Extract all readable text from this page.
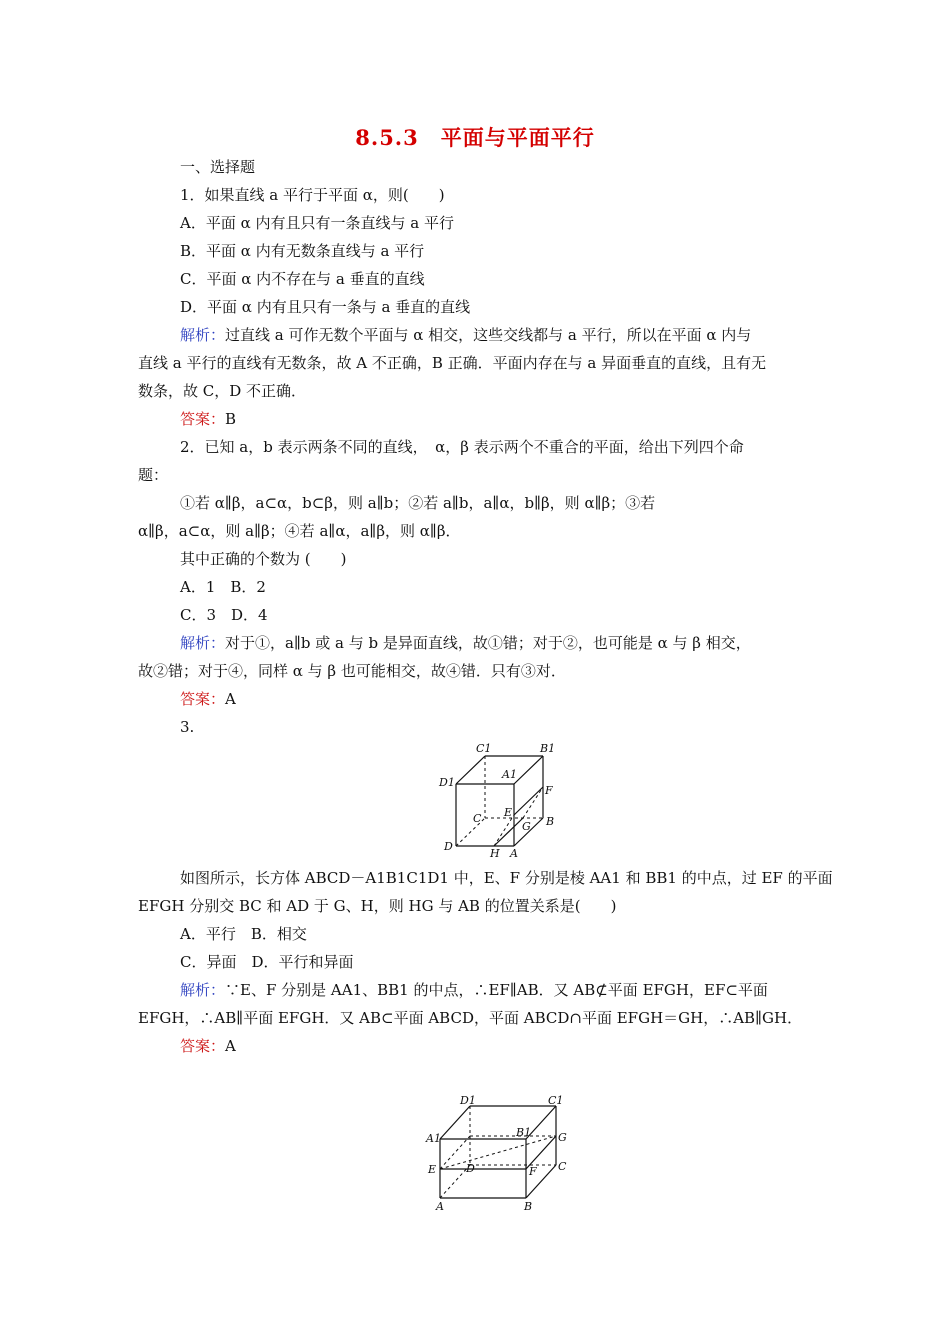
8.5.3　平面与平面平行
一、选择题
1．如果直线 a 平行于平面 α，则(　　)
A．平面 α 内有且只有一条直线与 a 平行
B．平面 α 内有无数条直线与 a 平行
C．平面 α 内不存在与 a 垂直的直线
D．平面 α 内有且只有一条与 a 垂直的直线
解析：过直线 a 可作无数个平面与 α 相交，这些交线都与 a 平行，所以在平面 α 内与
直线 a 平行的直线有无数条，故 A 不正确，B 正确．平面内存在与 a 异面垂直的直线，且有无
数条，故 C，D 不正确．
答案：B
2．已知 a，b 表示两条不同的直线，　α，β 表示两个不重合的平面，给出下列四个命
题：
①若 α∥β，a⊂α，b⊂β，则 a∥b；②若 a∥b，a∥α，b∥β，则 α∥β；③若
α∥β，a⊂α，则 a∥β；④若 a∥α，a∥β，则 α∥β．
其中正确的个数为 (　　)
A．1　B．2
C．3　D．4
解析：对于①，a∥b 或 a 与 b 是异面直线，故①错；对于②，也可能是 α 与 β 相交，
故②错；对于④，同样 α 与 β 也可能相交，故④错．只有③对．
答案：A
3.
C1	B1
D1
A1
F
E
C
G B
D
H A
如图所示，长方体 ABCD－A1B1C1D1 中，E、F 分别是棱 AA1 和 BB1 的中点，过 EF 的平面
EFGH 分别交 BC 和 AD 于 G、H，则 HG 与 AB 的位置关系是(　　)
A．平行　B．相交
C．异面　D．平行和异面
解析：∵E、F 分别是 AA1、BB1 的中点，∴EF∥AB．又 AB⊄平面 EFGH，EF⊂平面
EFGH，∴AB∥平面 EFGH．又 AB⊂平面 ABCD，平面 ABCD∩平面 EFGH＝GH，∴AB∥GH．
答案：A
D1	C1
A1	B1 G
E	D	F C
A	B
